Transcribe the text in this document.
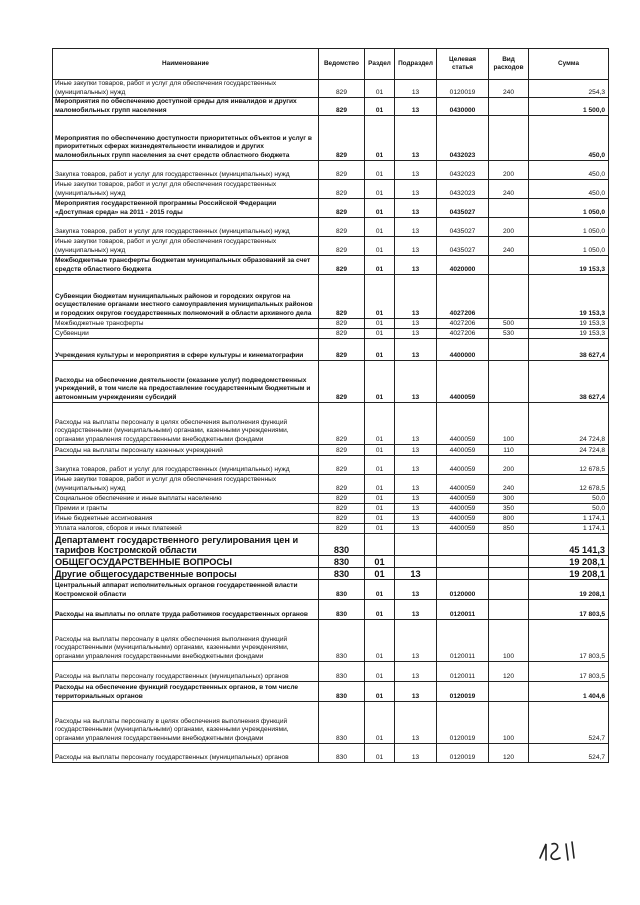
Наименование	Ведомство	Раздел	Подраздел	Целевая статья	Вид расходов	Сумма
Иные закупки товаров, работ и услуг для обеспечения государственных (муниципальных) нужд	829	01	13	0120019	240	254,3
Мероприятия по обеспечению доступной среды для инвалидов и других маломобильных групп населения	829	01	13	0430000		1 500,0
Мероприятия по обеспечению доступности приоритетных объектов и услуг в приоритетных сферах жизнедеятельности инвалидов и других маломобильных групп населения за счет средств областного бюджета	829	01	13	0432023		450,0
Закупка товаров, работ и услуг для государственных (муниципальных) нужд	829	01	13	0432023	200	450,0
Иные закупки товаров, работ и услуг для обеспечения государственных (муниципальных) нужд	829	01	13	0432023	240	450,0
Мероприятия государственной программы Российской Федерации «Доступная среда» на 2011 - 2015 годы	829	01	13	0435027		1 050,0
Закупка товаров, работ и услуг для государственных (муниципальных) нужд	829	01	13	0435027	200	1 050,0
Иные закупки товаров, работ и услуг для обеспечения государственных (муниципальных) нужд	829	01	13	0435027	240	1 050,0
Межбюджетные трансферты бюджетам муниципальных образований за счет средств областного бюджета	829	01	13	4020000		19 153,3
Субвенции бюджетам муниципальных районов и городских округов на осуществление органами местного самоуправления муниципальных районов и городских округов государственных полномочий в области архивного дела	829	01	13	4027206		19 153,3
Межбюджетные трансферты	829	01	13	4027206	500	19 153,3
Субвенции	829	01	13	4027206	530	19 153,3
Учреждения культуры и мероприятия в сфере культуры и кинематографии	829	01	13	4400000		38 627,4
Расходы на обеспечение деятельности (оказание услуг) подведомственных учреждений, в том числе на предоставление государственным бюджетным и автономным учреждениям субсидий	829	01	13	4400059		38 627,4
Расходы на выплаты персоналу в целях обеспечения выполнения функций государственными (муниципальными) органами, казенными учреждениями, органами управления государственными внебюджетными фондами	829	01	13	4400059	100	24 724,8
Расходы на выплаты персоналу казенных учреждений	829	01	13	4400059	110	24 724,8
Закупка товаров, работ и услуг для государственных (муниципальных) нужд	829	01	13	4400059	200	12 678,5
Иные закупки товаров, работ и услуг для обеспечения государственных (муниципальных) нужд	829	01	13	4400059	240	12 678,5
Социальное обеспечение и иные выплаты населению	829	01	13	4400059	300	50,0
Премии и гранты	829	01	13	4400059	350	50,0
Иные бюджетные ассигнования	829	01	13	4400059	800	1 174,1
Уплата налогов, сборов и иных платежей	829	01	13	4400059	850	1 174,1
Департамент государственного регулирования цен и тарифов Костромской области	830					45 141,3
ОБЩЕГОСУДАРСТВЕННЫЕ ВОПРОСЫ	830	01				19 208,1
Другие общегосударственные вопросы	830	01	13			19 208,1
Центральный аппарат исполнительных органов государственной власти Костромской области	830	01	13	0120000		19 208,1
Расходы на выплаты по оплате труда работников государственных органов	830	01	13	0120011		17 803,5
Расходы на выплаты персоналу в целях обеспечения выполнения функций государственными (муниципальными) органами, казенными учреждениями, органами управления государственными внебюджетными фондами	830	01	13	0120011	100	17 803,5
Расходы на выплаты персоналу государственных (муниципальных) органов	830	01	13	0120011	120	17 803,5
Расходы на обеспечение функций государственных органов, в том числе территориальных органов	830	01	13	0120019		1 404,6
Расходы на выплаты персоналу в целях обеспечения выполнения функций государственными (муниципальными) органами, казенными учреждениями, органами управления государственными внебюджетными фондами	830	01	13	0120019	100	524,7
Расходы на выплаты персоналу государственных (муниципальных) органов	830	01	13	0120019	120	524,7
